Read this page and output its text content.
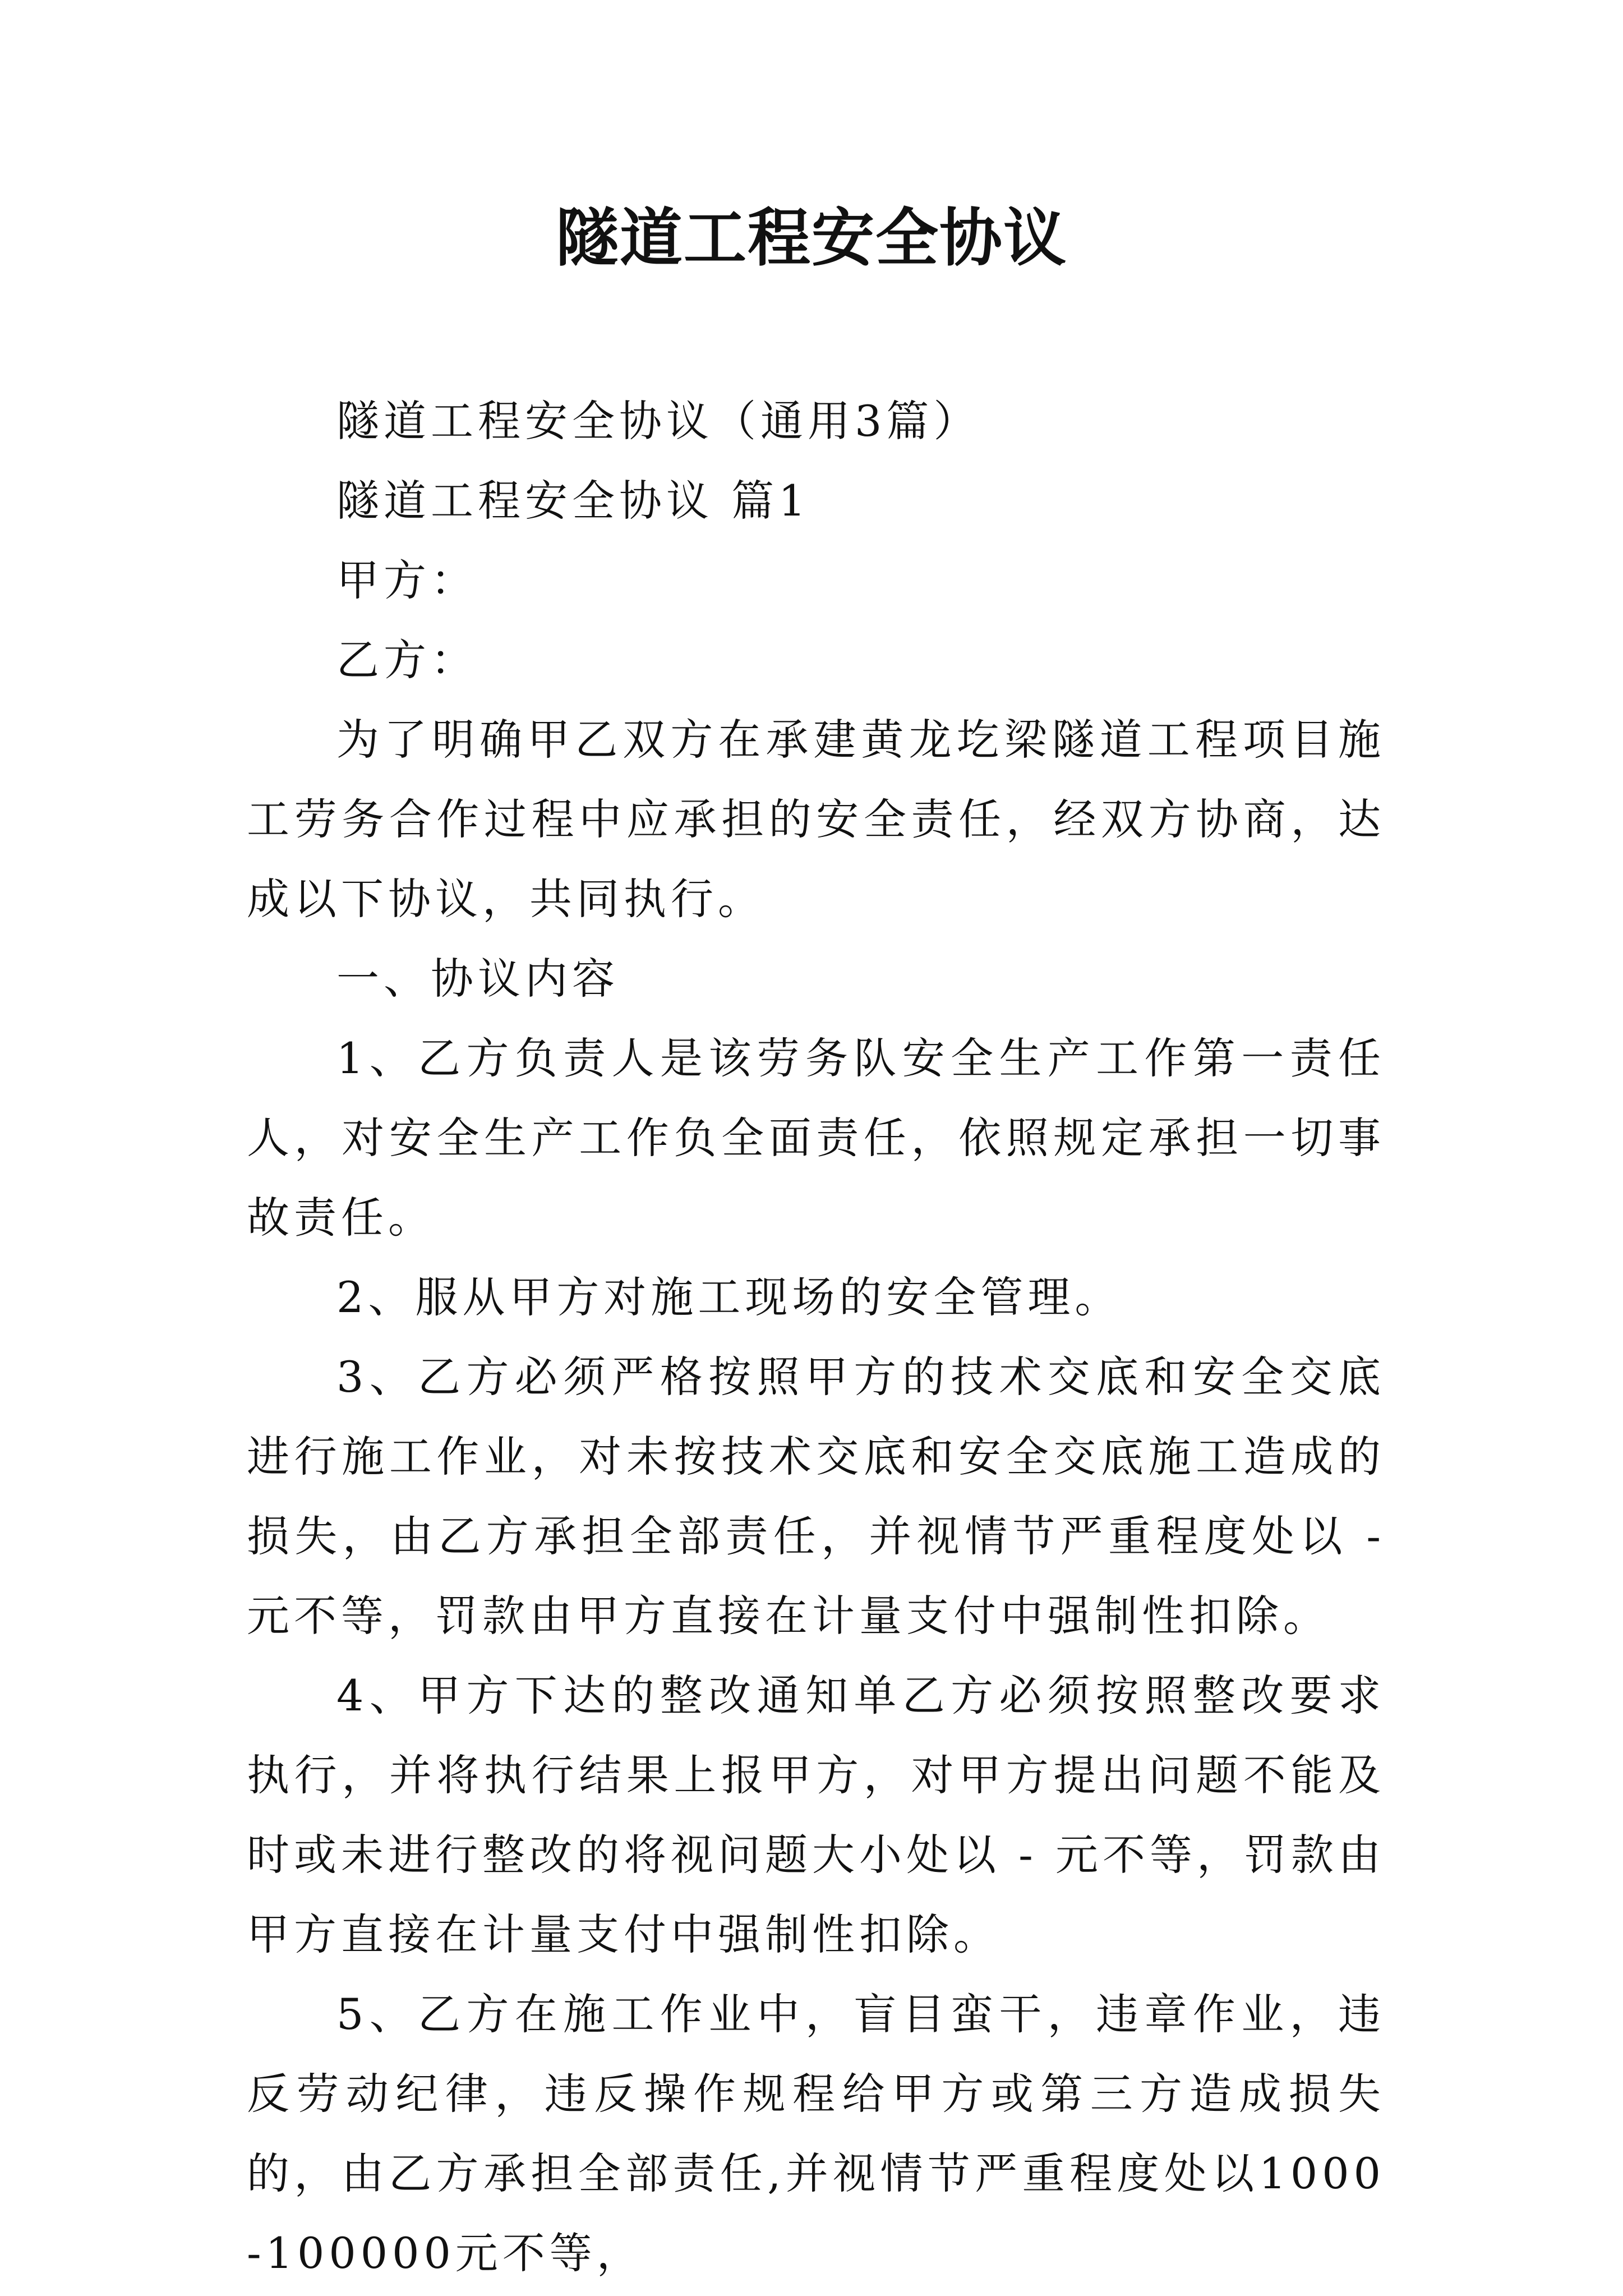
隧道工程安全协议

隧道工程安全协议（通用3篇）

隧道工程安全协议 篇1

甲方：

乙方：

为了明确甲乙双方在承建黄龙圪梁隧道工程项目施工劳务合作过程中应承担的安全责任，经双方协商，达成以下协议，共同执行。

一、协议内容

1、乙方负责人是该劳务队安全生产工作第一责任人，对安全生产工作负全面责任，依照规定承担一切事故责任。

2、服从甲方对施工现场的安全管理。

3、乙方必须严格按照甲方的技术交底和安全交底进行施工作业，对未按技术交底和安全交底施工造成的损失，由乙方承担全部责任，并视情节严重程度处以 - 元不等，罚款由甲方直接在计量支付中强制性扣除。

4、甲方下达的整改通知单乙方必须按照整改要求执行，并将执行结果上报甲方，对甲方提出问题不能及时或未进行整改的将视问题大小处以 - 元不等，罚款由甲方直接在计量支付中强制性扣除。

5、乙方在施工作业中，盲目蛮干，违章作业，违反劳动纪律，违反操作规程给甲方或第三方造成损失的，由乙方承担全部责任,并视情节严重程度处以1000-100000元不等，
